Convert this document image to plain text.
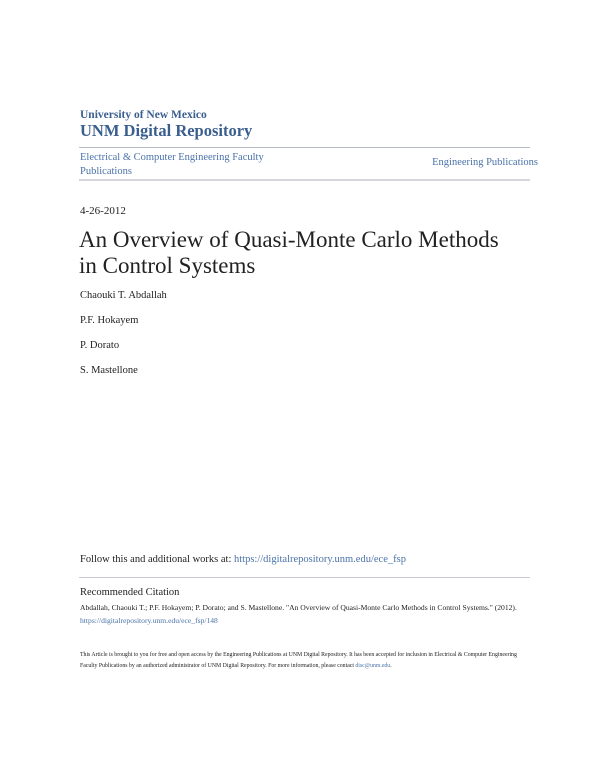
University of New Mexico
UNM Digital Repository
Electrical & Computer Engineering Faculty Publications
Engineering Publications
4-26-2012
An Overview of Quasi-Monte Carlo Methods in Control Systems
Chaouki T. Abdallah
P.F. Hokayem
P. Dorato
S. Mastellone
Follow this and additional works at: https://digitalrepository.unm.edu/ece_fsp
Recommended Citation
Abdallah, Chaouki T.; P.F. Hokayem; P. Dorato; and S. Mastellone. "An Overview of Quasi-Monte Carlo Methods in Control Systems." (2012). https://digitalrepository.unm.edu/ece_fsp/148
This Article is brought to you for free and open access by the Engineering Publications at UNM Digital Repository. It has been accepted for inclusion in Electrical & Computer Engineering Faculty Publications by an authorized administrator of UNM Digital Repository. For more information, please contact disc@unm.edu.
